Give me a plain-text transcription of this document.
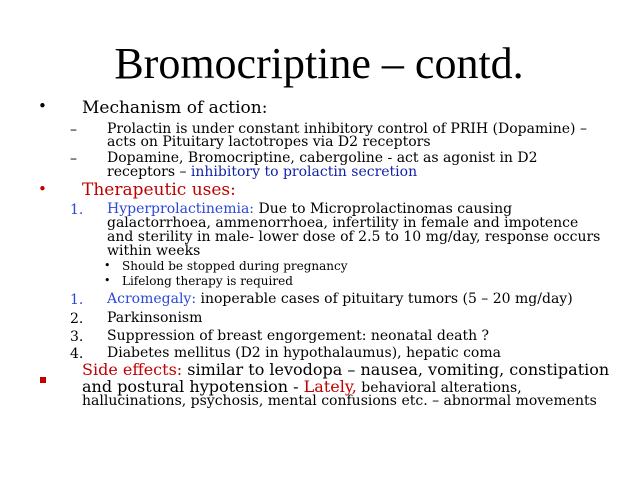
Bromocriptine – contd.
• Mechanism of action:
– Prolactin is under constant inhibitory control of PRIH (Dopamine) –
acts on Pituitary lactotropes via D2 receptors
– Dopamine, Bromocriptine, cabergoline - act as agonist in D2
receptors – inhibitory to prolactin secretion
• Therapeutic uses:
1. Hyperprolactinemia: Due to Microprolactinomas causing
galactorrhoea, ammenorrhoea, infertility in female and impotence
and sterility in male- lower dose of 2.5 to 10 mg/day, response occurs
within weeks
• Should be stopped during pregnancy
• Lifelong therapy is required
1. Acromegaly: inoperable cases of pituitary tumors (5 – 20 mg/day)
2. Parkinsonism
3. Suppression of breast engorgement: neonatal death ?
4. Diabetes mellitus (D2 in hypothalaumus), hepatic coma
Side effects: similar to levodopa – nausea, vomiting, constipation
and postural hypotension - Lately, behavioral alterations,
hallucinations, psychosis, mental confusions etc. – abnormal movements
